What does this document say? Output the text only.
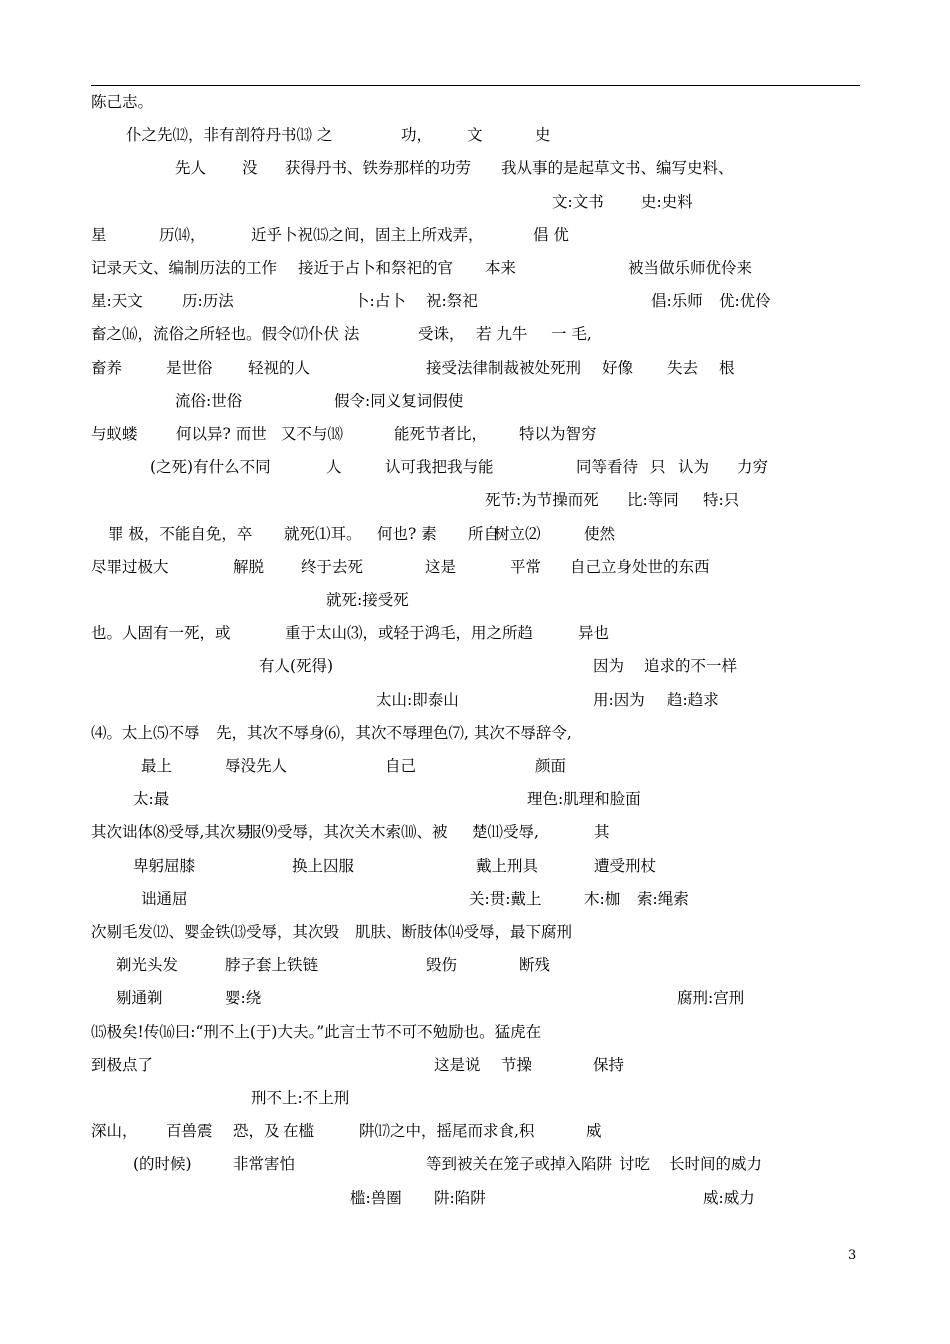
陈己志。
仆之先⑿，非有剖符丹书⒀ 之	功， 文	史
先人 没 获得丹书、铁券那样的功劳 我从事的是起草文书、编写史料、
文:文书 史:史料
星	历⒁，	近乎卜祝⒂之间，固主上所戏弄，	倡 优
记录天文、编制历法的工作 接近于占卜和祭祀的官 本来	被当做乐师优伶来
星:天文	历:历法	卜:占卜 祝:祭祀	倡:乐师 优:优伶
畜之⒃，流俗之所轻也。假令⒄仆伏 法	受诛， 若 九牛 一 毛,
畜养	是世俗 轻视的人	接受法律制裁被处死刑 好像 失去 根
流俗:世俗	假令:同义复词假使
与蚁蝼 何以异? 而世 又不与⒅	能死节者比， 特以为智穷
(之死)有什么不同	人	认可我把我与能	同等看待 只 认为 力穷
死节:为节操而死 比:等同 特:只
罪 极，不能自免，卒 就死⑴耳。 何也? 素 所自
树立⑵	使然
尽罪过极大	解脱 终于去死	这是	平常 自己立身处世的东西
就死:接受死
也。人固有一死，或	重于太山⑶，或轻于鸿毛，用之所趋	异也
有人(死得)	因为 追求的不一样
太山:即泰山	用:因为 趋:趋求
⑷。太上⑸不辱 先，其次不辱身⑹，其次不辱理色⑺, 其次不辱辞令,
最上	辱没先人	自己	颜面
太:最	理色:肌理和脸面
其次诎体⑻受辱,其次易
服⑼受辱，其次关木索⑽、被 楚⑾受辱,	其
卑躬屈膝	换上囚服	戴上刑具	遭受刑杖
诎通屈	关:贯:戴上	木:枷 索:绳索
次剔毛发⑿、婴金铁⒀受辱，其次毁 肌肤、断肢体⒁受辱，最下腐刑
剃光头发	脖子套上铁链	毁伤	断残
剔通剃	婴:绕	腐刑:宫刑
⒂极矣!传⒃曰:“刑不上(于)大夫。”此言士节不可不勉励也。猛虎在
到极点了	这是说 节操	保持
刑不上:不上刑
深山， 百兽震 恐，及 在槛	阱⒄之中，摇尾而求食,积	威
(的时候)	非常害怕	等到被关在笼子或掉入陷阱 讨吃 长时间的威力
槛:兽圈 阱:陷阱	威:威力
3
